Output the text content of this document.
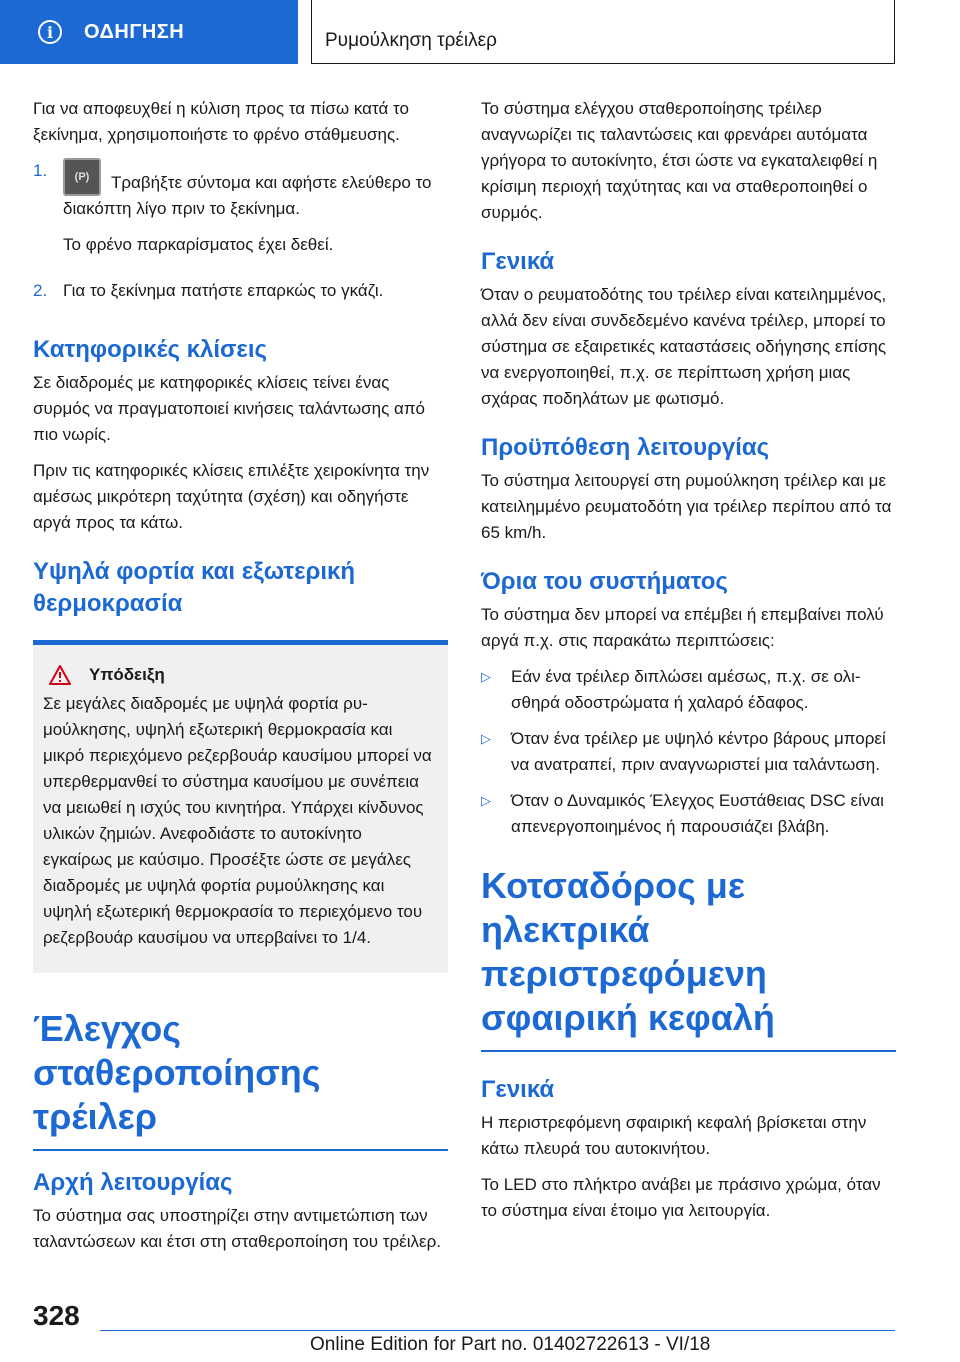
i	ΟΔΗΓΗΣΗ	Ρυμούλκηση τρέιλερ

Για να αποφευχθεί η κύλιση προς τα πίσω κατά το ξεκίνημα, χρησιμοποιήστε το φρένο στάθμευσης.

1.

(P)Τραβήξτε σύντομα και αφήστε ελεύθερο το διακόπτη λίγο πριν το ξεκίνημα.

Το φρένο παρκαρίσματος έχει δεθεί.

2. Για το ξεκίνημα πατήστε επαρκώς το γκάζι.

Κατηφορικές κλίσεις

Σε διαδρομές με κατηφορικές κλίσεις τείνει ένας συρμός να πραγματοποιεί κινήσεις ταλάντωσης από πιο νωρίς.

Πριν τις κατηφορικές κλίσεις επιλέξτε χειροκίνητα την αμέσως μικρότερη ταχύτητα (σχέση) και οδηγήστε αργά προς τα κάτω.

Υψηλά φορτία και εξωτερική θερμοκρασία
Υπόδειξη

Σε μεγάλες διαδρομές με υψηλά φορτία ρυμούλκησης, υψηλή εξωτερική θερμοκρασία και μικρό περιεχόμενο ρεζερβουάρ καυσίμου μπορεί να υπερθερμανθεί το σύστημα καυσίμου με συνέπεια να μειωθεί η ισχύς του κινητήρα. Υπάρχει κίνδυνος υλικών ζημιών. Ανεφοδιάστε το αυτοκίνητο εγκαίρως με καύσιμο. Προσέξτε ώστε σε μεγάλες διαδρομές με υψηλά φορτία ρυμούλκησης και υψηλή εξωτερική θερμοκρασία το περιεχόμενο του ρεζερβουάρ καυσίμου να υπερβαίνει το 1/4.

Έλεγχος σταθεροποίησης τρέιλερ
Αρχή λειτουργίας

Το σύστημα σας υποστηρίζει στην αντιμετώπιση των ταλαντώσεων και έτσι στη σταθεροποίηση του τρέιλερ.

Το σύστημα ελέγχου σταθεροποίησης τρέιλερ αναγνωρίζει τις ταλαντώσεις και φρενάρει αυτόματα γρήγορα το αυτοκίνητο, έτσι ώστε να εγκαταλειφθεί η κρίσιμη περιοχή ταχύτητας και να σταθεροποιηθεί ο συρμός.

Γενικά

Όταν ο ρευματοδότης του τρέιλερ είναι κατειλημμένος, αλλά δεν είναι συνδεδεμένο κανένα τρέιλερ, μπορεί το σύστημα σε εξαιρετικές καταστάσεις οδήγησης επίσης να ενεργοποιηθεί, π.χ. σε περίπτωση χρήση μιας σχάρας ποδηλάτων με φωτισμό.

Προϋπόθεση λειτουργίας

Το σύστημα λειτουργεί στη ρυμούλκηση τρέιλερ και με κατειλημμένο ρευματοδότη για τρέιλερ περίπου από τα 65 km/h.

Όρια του συστήματος

Το σύστημα δεν μπορεί να επέμβει ή επεμβαίνει πολύ αργά π.χ. στις παρακάτω περιπτώσεις:

▷	Εάν ένα τρέιλερ διπλώσει αμέσως, π.χ. σε ολισθηρά οδοστρώματα ή χαλαρό έδαφος.
▷	Όταν ένα τρέιλερ με υψηλό κέντρο βάρους μπορεί να ανατραπεί, πριν αναγνωριστεί μια ταλάντωση.
▷	Όταν ο Δυναμικός Έλεγχος Ευστάθειας DSC είναι απενεργοποιημένος ή παρουσιάζει βλάβη.
Κοτσαδόρος με ηλεκτρικά περιστρεφόμενη σφαιρική κεφαλή
Γενικά

Η περιστρεφόμενη σφαιρική κεφαλή βρίσκεται στην κάτω πλευρά του αυτοκινήτου.

Το LED στο πλήκτρο ανάβει με πράσινο χρώμα, όταν το σύστημα είναι έτοιμο για λειτουργία.

328
Online Edition for Part no. 01402722613 - VI/18
